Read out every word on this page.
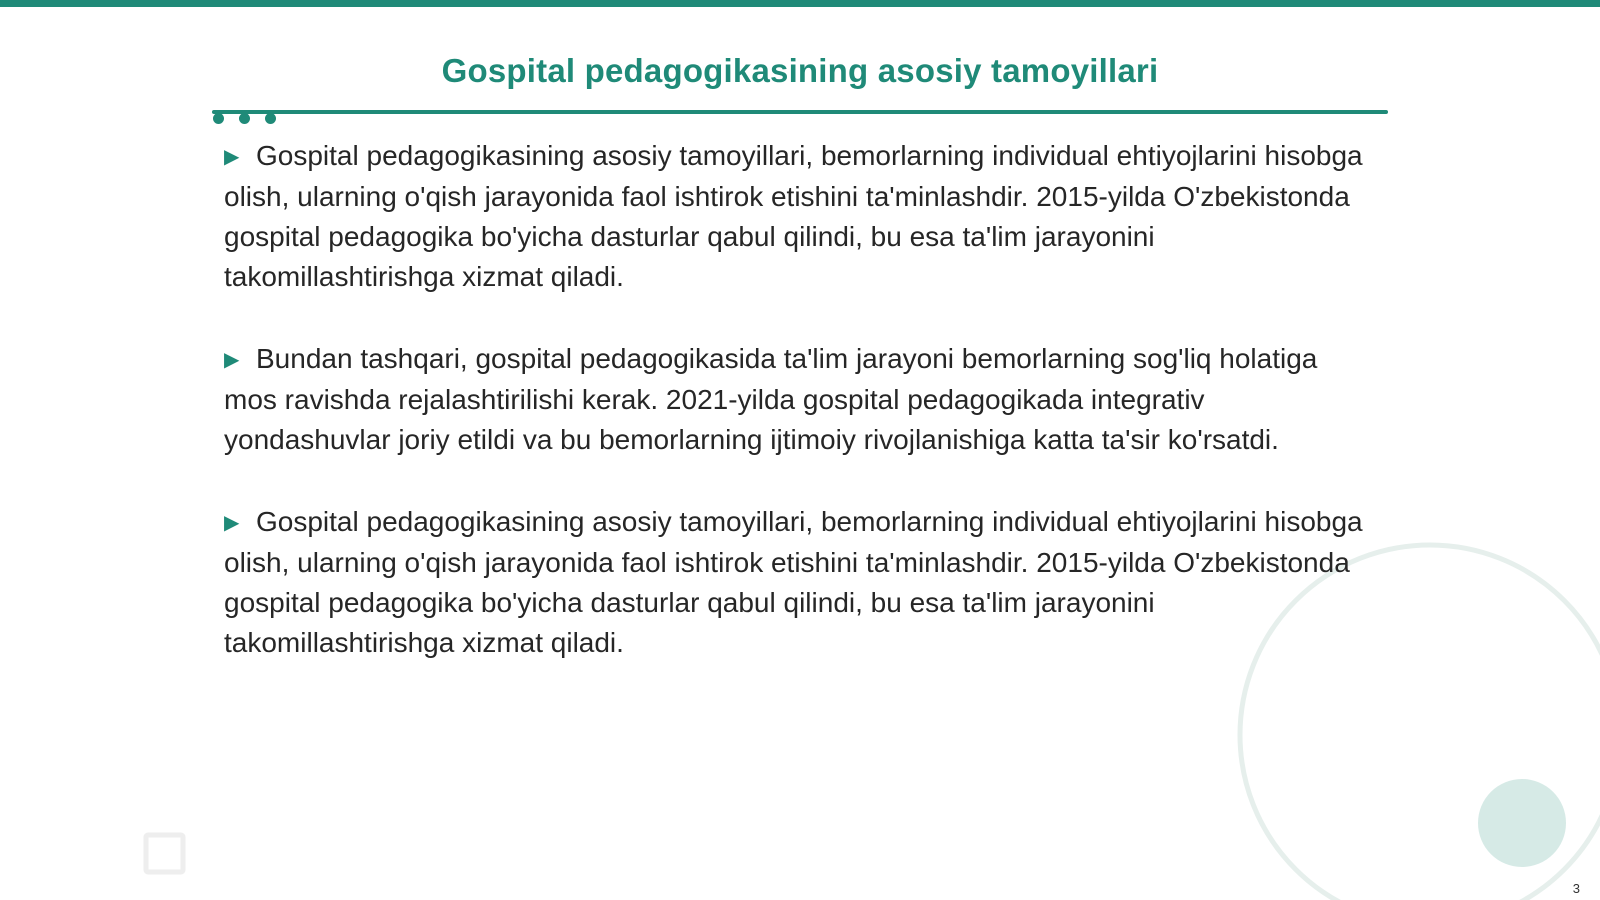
Gospital pedagogikasining asosiy tamoyillari

▶ Gospital pedagogikasining asosiy tamoyillari, bemorlarning individual ehtiyojlarini hisobga olish, ularning o'qish jarayonida faol ishtirok etishini ta'minlashdir. 2015-yilda O'zbekistonda gospital pedagogika bo'yicha dasturlar qabul qilindi, bu esa ta'lim jarayonini takomillashtirishga xizmat qiladi.

▶ Bundan tashqari, gospital pedagogikasida ta'lim jarayoni bemorlarning sog'liq holatiga mos ravishda rejalashtirilishi kerak. 2021-yilda gospital pedagogikada integrativ yondashuvlar joriy etildi va bu bemorlarning ijtimoiy rivojlanishiga katta ta'sir ko'rsatdi.

▶ Gospital pedagogikasining asosiy tamoyillari, bemorlarning individual ehtiyojlarini hisobga olish, ularning o'qish jarayonida faol ishtirok etishini ta'minlashdir. 2015-yilda O'zbekistonda gospital pedagogika bo'yicha dasturlar qabul qilindi, bu esa ta'lim jarayonini takomillashtirishga xizmat qiladi.

3
